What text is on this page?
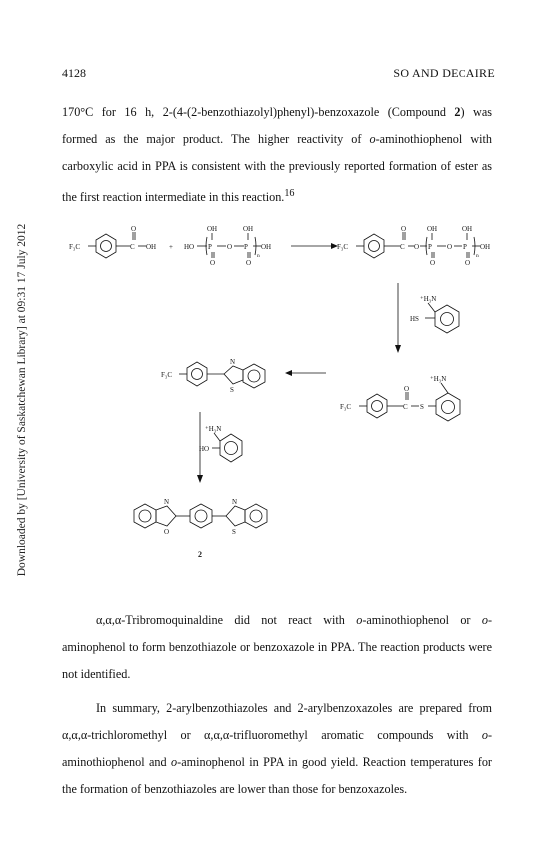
4128	SO AND DECAIRE
Downloaded by [University of Saskatchewan Library] at 09:31 17 July 2012

170°C for 16 h, 2-(4-(2-benzothiazolyl)phenyl)-benzoxazole (Compound 2) was formed as the major product. The higher reactivity of o-aminothiophenol with carboxylic acid in PPA is consistent with the previously reported formation of ester as the first reaction intermediate in this reaction.$^{16}$

F₃C	C
O
OH + HO
OH
P O
O
OH
P OH
O
n
F₃C	C
O
O P
OH
O
O
P
OH
OH
O
n
⁺H₃N
HS
F₃C	C
O
S
⁺H₃N
F₃C
N
S
⁺H₃N
HO
N
O
N
S
2

α,α,α-Tribromoquinaldine did not react with o-aminothiophenol or o-aminophenol to form benzothiazole or benzoxazole in PPA. The reaction products were not identified.

In summary, 2-arylbenzothiazoles and 2-arylbenzoxazoles are prepared from α,α,α-trichloromethyl or α,α,α-trifluoromethyl aromatic compounds with o-aminothiophenol and o-aminophenol in PPA in good yield. Reaction temperatures for the formation of benzothiazoles are lower than those for benzoxazoles.
